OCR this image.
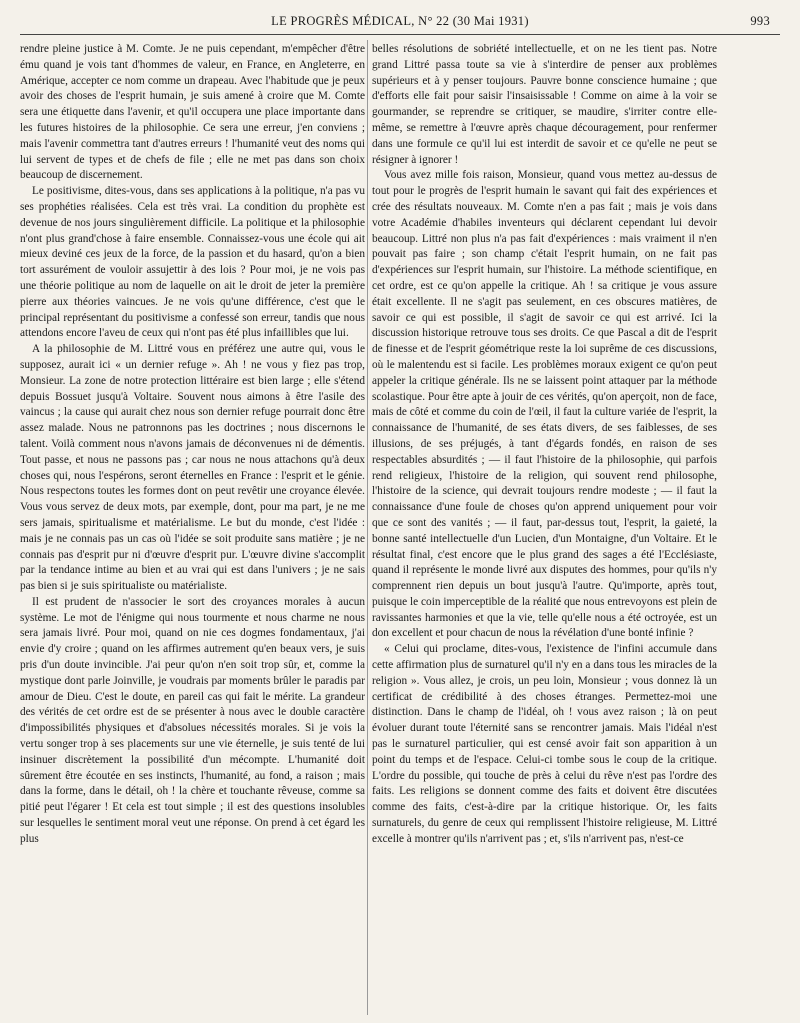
LE PROGRÈS MÉDICAL, N° 22 (30 Mai 1931)	993

rendre pleine justice à M. Comte. Je ne puis cependant, m'empêcher d'être ému quand je vois tant d'hommes de valeur, en France, en Angleterre, en Amérique, accepter ce nom comme un drapeau. Avec l'habitude que je peux avoir des choses de l'esprit humain, je suis amené à croire que M. Comte sera une étiquette dans l'avenir, et qu'il occupera une place importante dans les futures histoires de la philosophie. Ce sera une erreur, j'en conviens ; mais l'avenir commettra tant d'autres erreurs ! l'humanité veut des noms qui lui servent de types et de chefs de file ; elle ne met pas dans son choix beaucoup de discernement.

Le positivisme, dites-vous, dans ses applications à la politique, n'a pas vu ses prophéties réalisées. Cela est très vrai. La condition du prophète est devenue de nos jours singulièrement difficile. La politique et la philosophie n'ont plus grand'chose à faire ensemble. Connaissez-vous une école qui ait mieux deviné ces jeux de la force, de la passion et du hasard, qu'on a bien tort assurément de vouloir assujettir à des lois ? Pour moi, je ne vois pas une théorie politique au nom de laquelle on ait le droit de jeter la première pierre aux théories vaincues. Je ne vois qu'une différence, c'est que le principal représentant du positivisme a confessé son erreur, tandis que nous attendons encore l'aveu de ceux qui n'ont pas été plus infaillibles que lui.

A la philosophie de M. Littré vous en préférez une autre qui, vous le supposez, aurait ici « un dernier refuge ». Ah ! ne vous y fiez pas trop, Monsieur. La zone de notre protection littéraire est bien large ; elle s'étend depuis Bossuet jusqu'à Voltaire. Souvent nous aimons à être l'asile des vaincus ; la cause qui aurait chez nous son dernier refuge pourrait donc être assez malade. Nous ne patronnons pas les doctrines ; nous discernons le talent. Voilà comment nous n'avons jamais de déconvenues ni de démentis. Tout passe, et nous ne passons pas ; car nous ne nous attachons qu'à deux choses qui, nous l'espérons, seront éternelles en France : l'esprit et le génie. Nous respectons toutes les formes dont on peut revêtir une croyance élevée. Vous vous servez de deux mots, par exemple, dont, pour ma part, je ne me sers jamais, spiritualisme et matérialisme. Le but du monde, c'est l'idée : mais je ne connais pas un cas où l'idée se soit produite sans matière ; je ne connais pas d'esprit pur ni d'œuvre d'esprit pur. L'œuvre divine s'accomplit par la tendance intime au bien et au vrai qui est dans l'univers ; je ne sais pas bien si je suis spiritualiste ou matérialiste.

Il est prudent de n'associer le sort des croyances morales à aucun système. Le mot de l'énigme qui nous tourmente et nous charme ne nous sera jamais livré. Pour moi, quand on nie ces dogmes fondamentaux, j'ai envie d'y croire ; quand on les affirmes autrement qu'en beaux vers, je suis pris d'un doute invincible. J'ai peur qu'on n'en soit trop sûr, et, comme la mystique dont parle Joinville, je voudrais par moments brûler le paradis par amour de Dieu. C'est le doute, en pareil cas qui fait le mérite. La grandeur des vérités de cet ordre est de se présenter à nous avec le double caractère d'impossibilités physiques et d'absolues nécessités morales. Si je vois la vertu songer trop à ses placements sur une vie éternelle, je suis tenté de lui insinuer discrètement la possibilité d'un mécompte. L'humanité doit sûrement être écoutée en ses instincts, l'humanité, au fond, a raison ; mais dans la forme, dans le détail, oh ! la chère et touchante rêveuse, comme sa pitié peut l'égarer ! Et cela est tout simple ; il est des questions insolubles sur lesquelles le sentiment moral veut une réponse. On prend à cet égard les plus

belles résolutions de sobriété intellectuelle, et on ne les tient pas. Notre grand Littré passa toute sa vie à s'interdire de penser aux problèmes supérieurs et à y penser toujours. Pauvre bonne conscience humaine ; que d'efforts elle fait pour saisir l'insaisissable ! Comme on aime à la voir se gourmander, se reprendre se critiquer, se maudire, s'irriter contre elle-même, se remettre à l'œuvre après chaque découragement, pour renfermer dans une formule ce qu'il lui est interdit de savoir et ce qu'elle ne peut se résigner à ignorer !

Vous avez mille fois raison, Monsieur, quand vous mettez au-dessus de tout pour le progrès de l'esprit humain le savant qui fait des expériences et crée des résultats nouveaux. M. Comte n'en a pas fait ; mais je vois dans votre Académie d'habiles inventeurs qui déclarent cependant lui devoir beaucoup. Littré non plus n'a pas fait d'expériences : mais vraiment il n'en pouvait pas faire ; son champ c'était l'esprit humain, on ne fait pas d'expériences sur l'esprit humain, sur l'histoire. La méthode scientifique, en cet ordre, est ce qu'on appelle la critique. Ah ! sa critique je vous assure était excellente. Il ne s'agit pas seulement, en ces obscures matières, de savoir ce qui est possible, il s'agit de savoir ce qui est arrivé. Ici la discussion historique retrouve tous ses droits. Ce que Pascal a dit de l'esprit de finesse et de l'esprit géométrique reste la loi suprême de ces discussions, où le malentendu est si facile. Les problèmes moraux exigent ce qu'on peut appeler la critique générale. Ils ne se laissent point attaquer par la méthode scolastique. Pour être apte à jouir de ces vérités, qu'on aperçoit, non de face, mais de côté et comme du coin de l'œil, il faut la culture variée de l'esprit, la connaissance de l'humanité, de ses états divers, de ses faiblesses, de ses illusions, de ses préjugés, à tant d'égards fondés, en raison de ses respectables absurdités ; — il faut l'histoire de la philosophie, qui parfois rend religieux, l'histoire de la religion, qui souvent rend philosophe, l'histoire de la science, qui devrait toujours rendre modeste ; — il faut la connaissance d'une foule de choses qu'on apprend uniquement pour voir que ce sont des vanités ; — il faut, par-dessus tout, l'esprit, la gaieté, la bonne santé intellectuelle d'un Lucien, d'un Montaigne, d'un Voltaire. Et le résultat final, c'est encore que le plus grand des sages a été l'Ecclésiaste, quand il représente le monde livré aux disputes des hommes, pour qu'ils n'y comprennent rien depuis un bout jusqu'à l'autre. Qu'importe, après tout, puisque le coin imperceptible de la réalité que nous entrevoyons est plein de ravissantes harmonies et que la vie, telle qu'elle nous a été octroyée, est un don excellent et pour chacun de nous la révélation d'une bonté infinie ?

« Celui qui proclame, dites-vous, l'existence de l'infini accumule dans cette affirmation plus de surnaturel qu'il n'y en a dans tous les miracles de la religion ». Vous allez, je crois, un peu loin, Monsieur ; vous donnez là un certificat de crédibilité à des choses étranges. Permettez-moi une distinction. Dans le champ de l'idéal, oh ! vous avez raison ; là on peut évoluer durant toute l'éternité sans se rencontrer jamais. Mais l'idéal n'est pas le surnaturel particulier, qui est censé avoir fait son apparition à un point du temps et de l'espace. Celui-ci tombe sous le coup de la critique. L'ordre du possible, qui touche de près à celui du rêve n'est pas l'ordre des faits. Les religions se donnent comme des faits et doivent être discutées comme des faits, c'est-à-dire par la critique historique. Or, les faits surnaturels, du genre de ceux qui remplissent l'histoire religieuse, M. Littré excelle à montrer qu'ils n'arrivent pas ; et, s'ils n'arrivent pas, n'est-ce
